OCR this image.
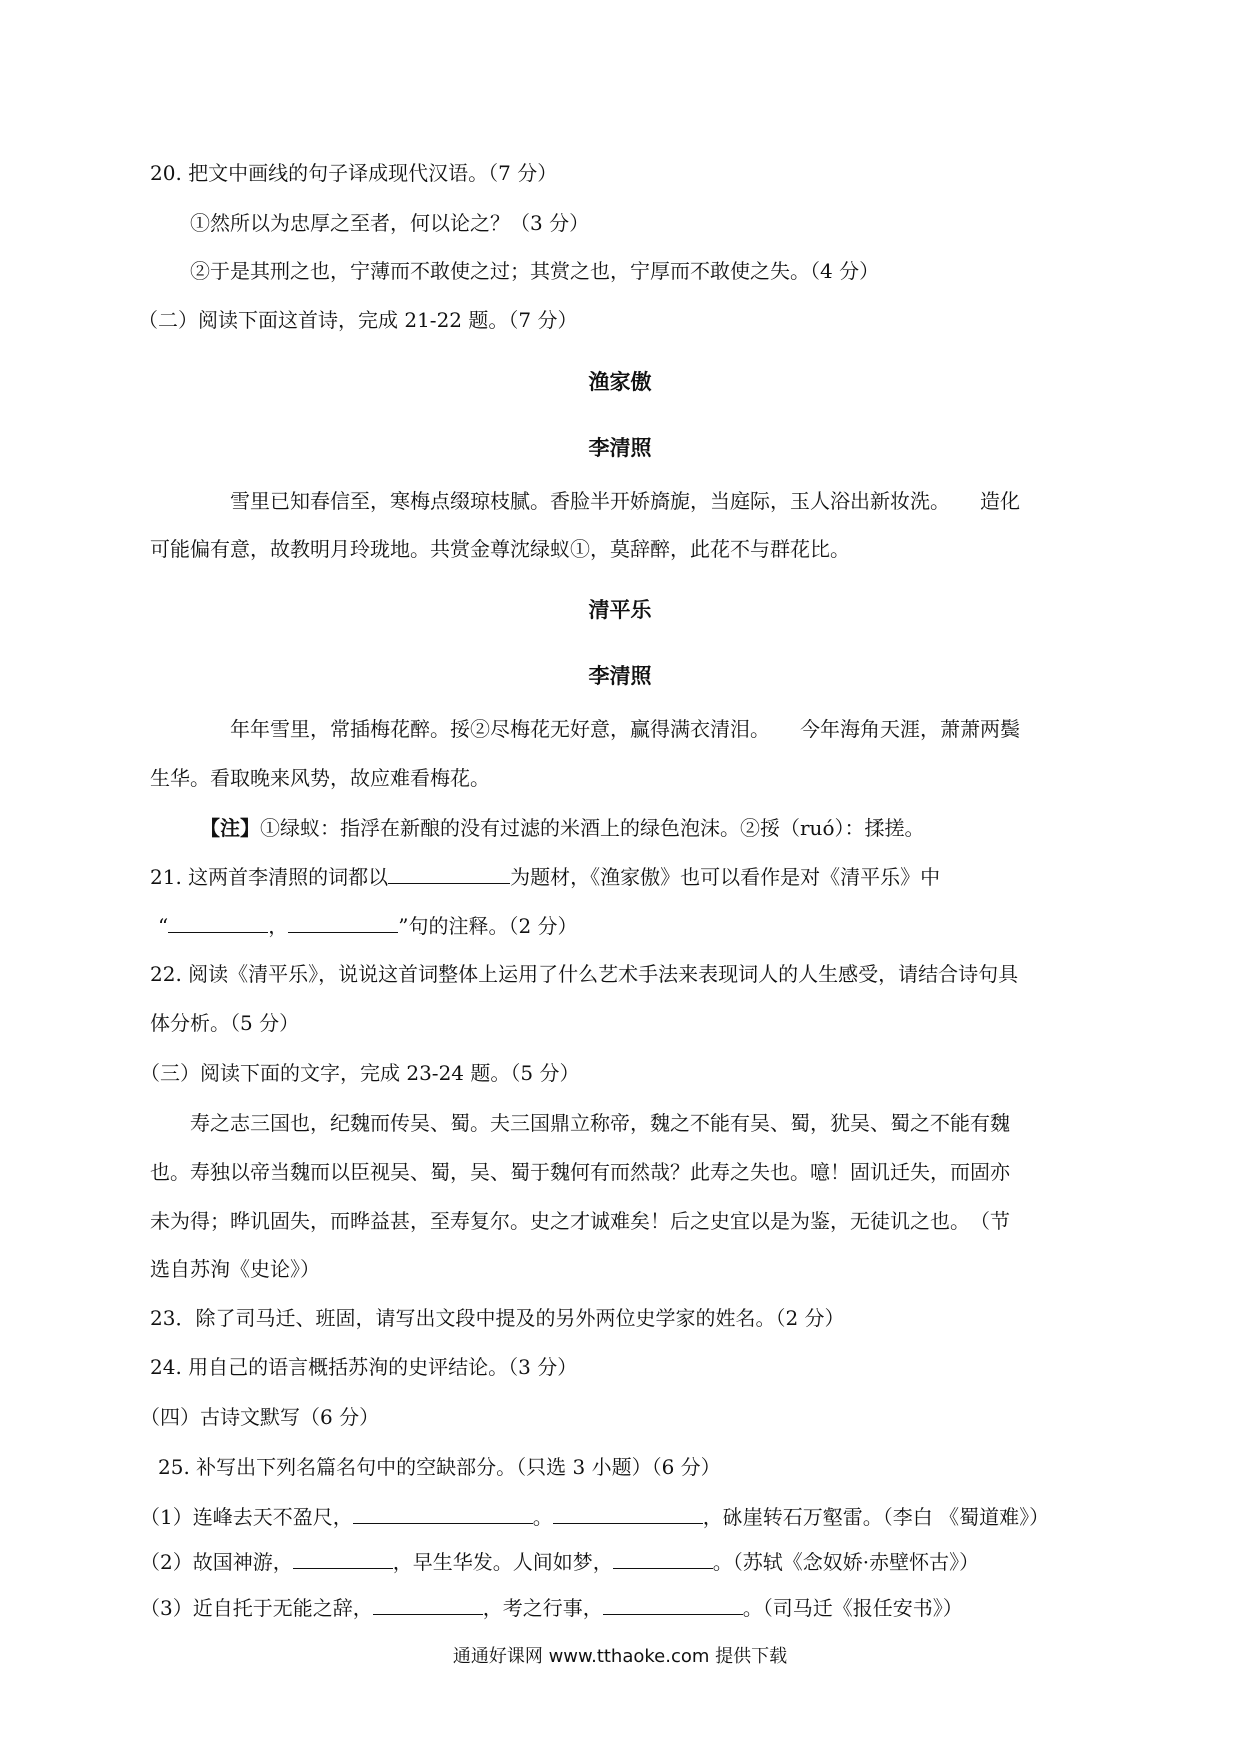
20. 把文中画线的句子译成现代汉语。（7 分）
①然所以为忠厚之至者，何以论之？（3 分）
②于是其刑之也，宁薄而不敢使之过；其赏之也，宁厚而不敢使之失。（4 分）
（二）阅读下面这首诗，完成 21-22 题。（7 分）
渔家傲
李清照
雪里已知春信至，寒梅点缀琼枝腻。香脸半开娇旖旎，当庭际，玉人浴出新妆洗。　　造化
可能偏有意，故教明月玲珑地。共赏金尊沈绿蚁①，莫辞醉，此花不与群花比。
清平乐
李清照
年年雪里，常插梅花醉。挼②尽梅花无好意，赢得满衣清泪。　　今年海角天涯，萧萧两鬓
生华。看取晚来风势，故应难看梅花。
【注】①绿蚁：指浮在新酿的没有过滤的米酒上的绿色泡沫。②挼（ruó）：揉搓。
21. 这两首李清照的词都以	为题材，《渔家傲》也可以看作是对《清平乐》中
“	，	”句的注释。（2 分）
22. 阅读《清平乐》，说说这首词整体上运用了什么艺术手法来表现词人的人生感受，请结合诗句具
体分析。（5 分）
（三）阅读下面的文字，完成 23-24 题。（5 分）
寿之志三国也，纪魏而传吴、蜀。夫三国鼎立称帝，魏之不能有吴、蜀，犹吴、蜀之不能有魏
也。寿独以帝当魏而以臣视吴、蜀，吴、蜀于魏何有而然哉？此寿之失也。噫！固讥迁失，而固亦
未为得；晔讥固失，而晔益甚，至寿复尔。史之才诚难矣！后之史宜以是为鉴，无徒讥之也。　（节
选自苏洵《史论》）
23．除了司马迁、班固，请写出文段中提及的另外两位史学家的姓名。（2 分）
24. 用自己的语言概括苏洵的史评结论。（3 分）
（四）古诗文默写（6 分）
25. 补写出下列名篇名句中的空缺部分。（只选 3 小题）（6 分）
（1）连峰去天不盈尺，	。	，砯崖转石万壑雷。（李白 《蜀道难》）
（2）故国神游，	，早生华发。人间如梦，	。（苏轼《念奴娇·赤壁怀古》）
（3）近自托于无能之辞，	，考之行事，	。（司马迁《报任安书》）
通通好课网 www.tthaoke.com 提供下载
